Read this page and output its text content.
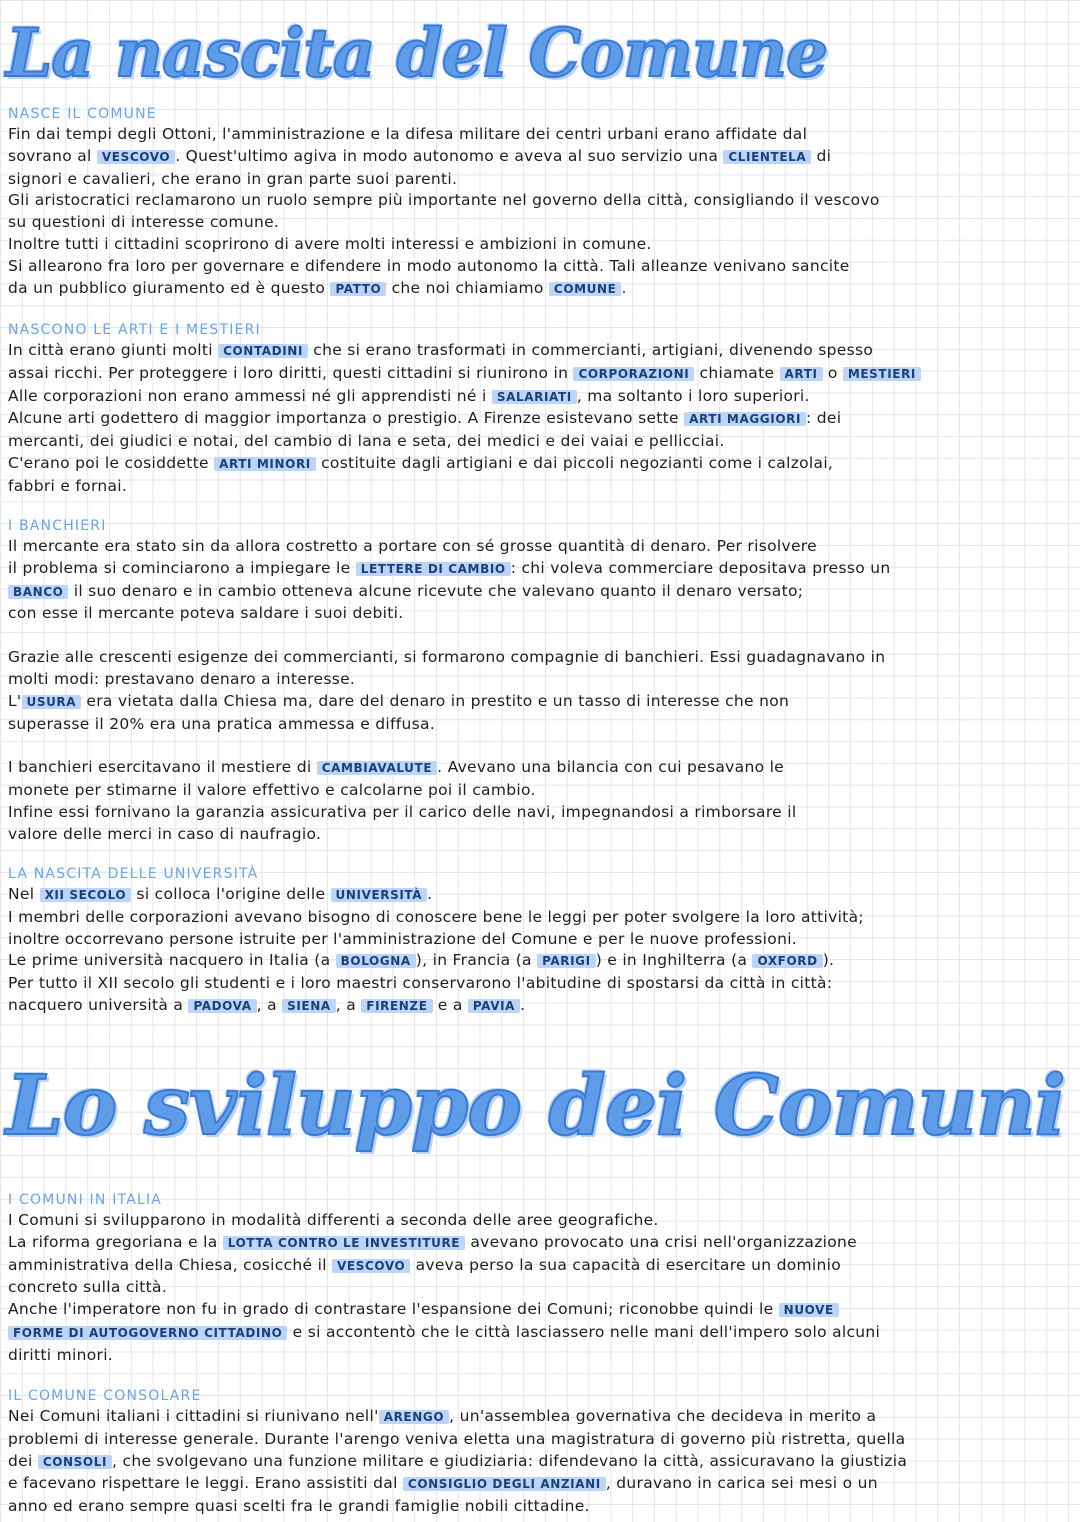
La nascita del Comune
NASCE IL COMUNE

Fin dai tempi degli Ottoni, l'amministrazione e la difesa militare dei centri urbani erano affidate dal

sovrano al VESCOVO . Quest'ultimo agiva in modo autonomo e aveva al suo servizio una CLIENTELA di

signori e cavalieri, che erano in gran parte suoi parenti.

Gli aristocratici reclamarono un ruolo sempre più importante nel governo della città, consigliando il vescovo

su questioni di interesse comune.

Inoltre tutti i cittadini scoprirono di avere molti interessi e ambizioni in comune.

Si allearono fra loro per governare e difendere in modo autonomo la città. Tali alleanze venivano sancite

da un pubblico giuramento ed è questo PATTO che noi chiamiamo COMUNE .

NASCONO LE ARTI E I MESTIERI

In città erano giunti molti CONTADINI che si erano trasformati in commercianti, artigiani, divenendo spesso

assai ricchi. Per proteggere i loro diritti, questi cittadini si riunirono in CORPORAZIONI chiamate ARTI o MESTIERI

Alle corporazioni non erano ammessi né gli apprendisti né i SALARIATI , ma soltanto i loro superiori.

Alcune arti godettero di maggior importanza o prestigio. A Firenze esistevano sette ARTI MAGGIORI : dei

mercanti, dei giudici e notai, del cambio di lana e seta, dei medici e dei vaiai e pellicciai.

C'erano poi le cosiddette ARTI MINORI costituite dagli artigiani e dai piccoli negozianti come i calzolai,

fabbri e fornai.

I BANCHIERI

Il mercante era stato sin da allora costretto a portare con sé grosse quantità di denaro. Per risolvere

il problema si cominciarono a impiegare le LETTERE DI CAMBIO : chi voleva commerciare depositava presso un

BANCO il suo denaro e in cambio otteneva alcune ricevute che valevano quanto il denaro versato;

con esse il mercante poteva saldare i suoi debiti.

Grazie alle crescenti esigenze dei commercianti, si formarono compagnie di banchieri. Essi guadagnavano in

molti modi: prestavano denaro a interesse.

L' USURA era vietata dalla Chiesa ma, dare del denaro in prestito e un tasso di interesse che non

superasse il 20% era una pratica ammessa e diffusa.

I banchieri esercitavano il mestiere di CAMBIAVALUTE . Avevano una bilancia con cui pesavano le

monete per stimarne il valore effettivo e calcolarne poi il cambio.

Infine essi fornivano la garanzia assicurativa per il carico delle navi, impegnandosi a rimborsare il

valore delle merci in caso di naufragio.

LA NASCITA DELLE UNIVERSITÀ

Nel XII SECOLO si colloca l'origine delle UNIVERSITÀ .

I membri delle corporazioni avevano bisogno di conoscere bene le leggi per poter svolgere la loro attività;

inoltre occorrevano persone istruite per l'amministrazione del Comune e per le nuove professioni.

Le prime università nacquero in Italia (a BOLOGNA ), in Francia (a PARIGI ) e in Inghilterra (a OXFORD ).

Per tutto il XII secolo gli studenti e i loro maestri conservarono l'abitudine di spostarsi da città in città:

nacquero università a PADOVA , a SIENA , a FIRENZE e a PAVIA .

Lo sviluppo dei Comuni
I COMUNI IN ITALIA

I Comuni si svilupparono in modalità differenti a seconda delle aree geografiche.

La riforma gregoriana e la LOTTA CONTRO LE INVESTITURE avevano provocato una crisi nell'organizzazione

amministrativa della Chiesa, cosicché il VESCOVO aveva perso la sua capacità di esercitare un dominio

concreto sulla città.

Anche l'imperatore non fu in grado di contrastare l'espansione dei Comuni; riconobbe quindi le NUOVE

FORME DI AUTOGOVERNO CITTADINO e si accontentò che le città lasciassero nelle mani dell'impero solo alcuni

diritti minori.

IL COMUNE CONSOLARE

Nei Comuni italiani i cittadini si riunivano nell' ARENGO , un'assemblea governativa che decideva in merito a

problemi di interesse generale. Durante l'arengo veniva eletta una magistratura di governo più ristretta, quella

dei CONSOLI , che svolgevano una funzione militare e giudiziaria: difendevano la città, assicuravano la giustizia

e facevano rispettare le leggi. Erano assistiti dal CONSIGLIO DEGLI ANZIANI , duravano in carica sei mesi o un

anno ed erano sempre quasi scelti fra le grandi famiglie nobili cittadine.
